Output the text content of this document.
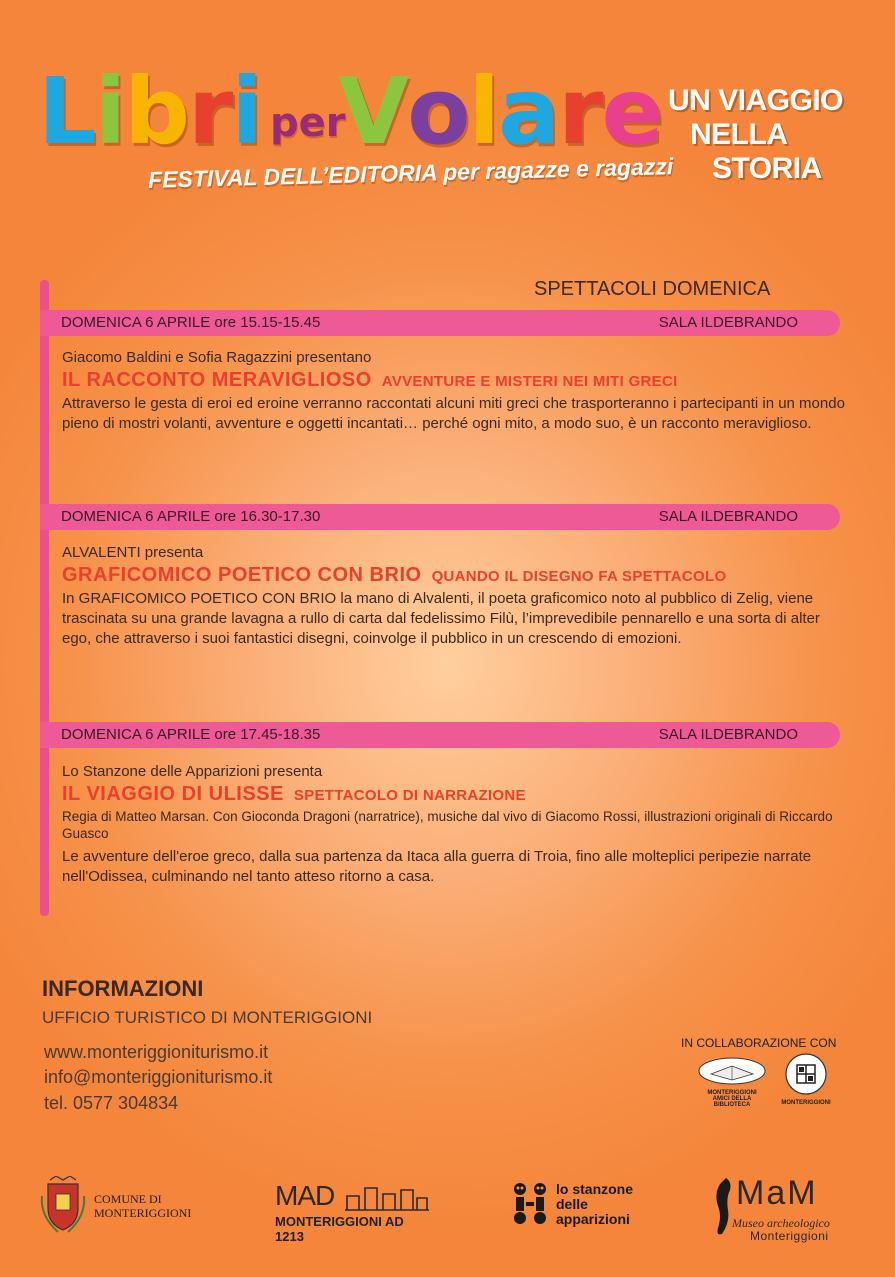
Libri per
Volare
FESTIVAL DELL’EDITORIA per ragazze e ragazzi
UN VIAGGIO
NELLA
STORIA
SPETTACOLI DOMENICA
DOMENICA 6 APRILE ore 15.15-15.45	SALA ILDEBRANDO
Giacomo Baldini e Sofia Ragazzini presentano
IL RACCONTO MERAVIGLIOSO AVVENTURE E MISTERI NEI MITI GRECI
Attraverso le gesta di eroi ed eroine verranno raccontati alcuni miti greci che trasporteranno i partecipanti in un mondo pieno di mostri volanti, avventure e oggetti incantati… perché ogni mito, a modo suo, è un racconto meraviglioso.
DOMENICA 6 APRILE ore 16.30-17.30	SALA ILDEBRANDO
ALVALENTI presenta
GRAFICOMICO POETICO CON BRIO QUANDO IL DISEGNO FA SPETTACOLO
In GRAFICOMICO POETICO CON BRIO la mano di Alvalenti, il poeta graficomico noto al pubblico di Zelig, viene trascinata su una grande lavagna a rullo di carta dal fedelissimo Filù, l’imprevedibile pennarello e una sorta di alter ego, che attraverso i suoi fantastici disegni, coinvolge il pubblico in un crescendo di emozioni.
DOMENICA 6 APRILE ore 17.45-18.35	SALA ILDEBRANDO
Lo Stanzone delle Apparizioni presenta
IL VIAGGIO DI ULISSE SPETTACOLO DI NARRAZIONE
Regia di Matteo Marsan. Con Gioconda Dragoni (narratrice), musiche dal vivo di Giacomo Rossi, illustrazioni originali di Riccardo Guasco
Le avventure dell'eroe greco, dalla sua partenza da Itaca alla guerra di Troia, fino alle molteplici peripezie narrate nell'Odissea, culminando nel tanto atteso ritorno a casa.
INFORMAZIONI
UFFICIO TURISTICO DI MONTERIGGIONI
www.monteriggioniturismo.it
info@monteriggioniturismo.it
tel. 0577 304834
IN COLLABORAZIONE CON
MONTERIGGIONI
AMICI DELLA BIBLIOTECA	MONTERIGGIONI
COMUNE DI
MONTERIGGIONI
MAD
MONTERIGGIONI AD 1213
lo stanzone
delle
apparizioni
MaM
Museo archeologico
Monteriggioni
